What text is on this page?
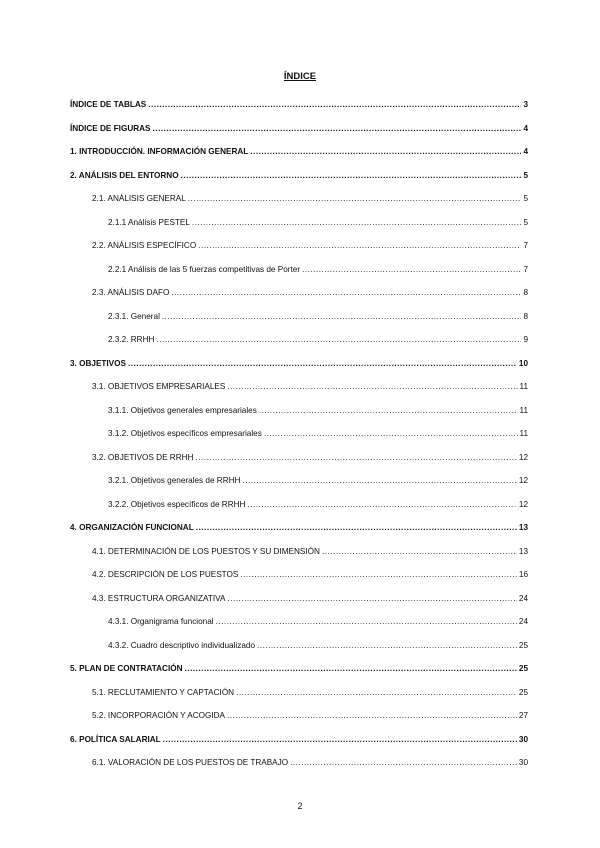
ÍNDICE
ÍNDICE DE TABLAS .....	3
ÍNDICE DE FIGURAS .....	4
1. INTRODUCCIÓN. INFORMACIÓN GENERAL .....	4
2. ANÁLISIS DEL ENTORNO .....	5
2.1. ANÁLISIS GENERAL .....	5
2.1.1 Análisis PESTEL .....	5
2.2. ANÁLISIS ESPECÍFICO .....	7
2.2.1 Análisis de las 5 fuerzas competitivas de Porter .....	7
2.3. ANÁLISIS DAFO .....	8
2.3.1. General .....	8
2.3.2. RRHH .....	9
3. OBJETIVOS .....	10
3.1. OBJETIVOS EMPRESARIALES .....	11
3.1.1. Objetivos generales empresariales .....	11
3.1.2. Objetivos específicos empresariales .....	11
3.2. OBJETIVOS DE RRHH .....	12
3.2.1. Objetivos generales de RRHH .....	12
3.2.2. Objetivos específicos de RRHH .....	12
4. ORGANIZACIÓN FUNCIONAL .....	13
4.1. DETERMINACIÓN DE LOS PUESTOS Y SU DIMENSIÓN .....	13
4.2. DESCRIPCIÓN DE LOS PUESTOS .....	16
4.3. ESTRUCTURA ORGANIZATIVA .....	24
4.3.1. Organigrama funcional .....	24
4.3.2. Cuadro descriptivo individualizado .....	25
5. PLAN DE CONTRATACIÓN .....	25
5.1. RECLUTAMIENTO Y CAPTACIÓN .....	25
5.2. INCORPORACIÓN Y ACOGIDA .....	27
6. POLÍTICA SALARIAL .....	30
6.1. VALORACIÓN DE LOS PUESTOS DE TRABAJO .....	30
2
